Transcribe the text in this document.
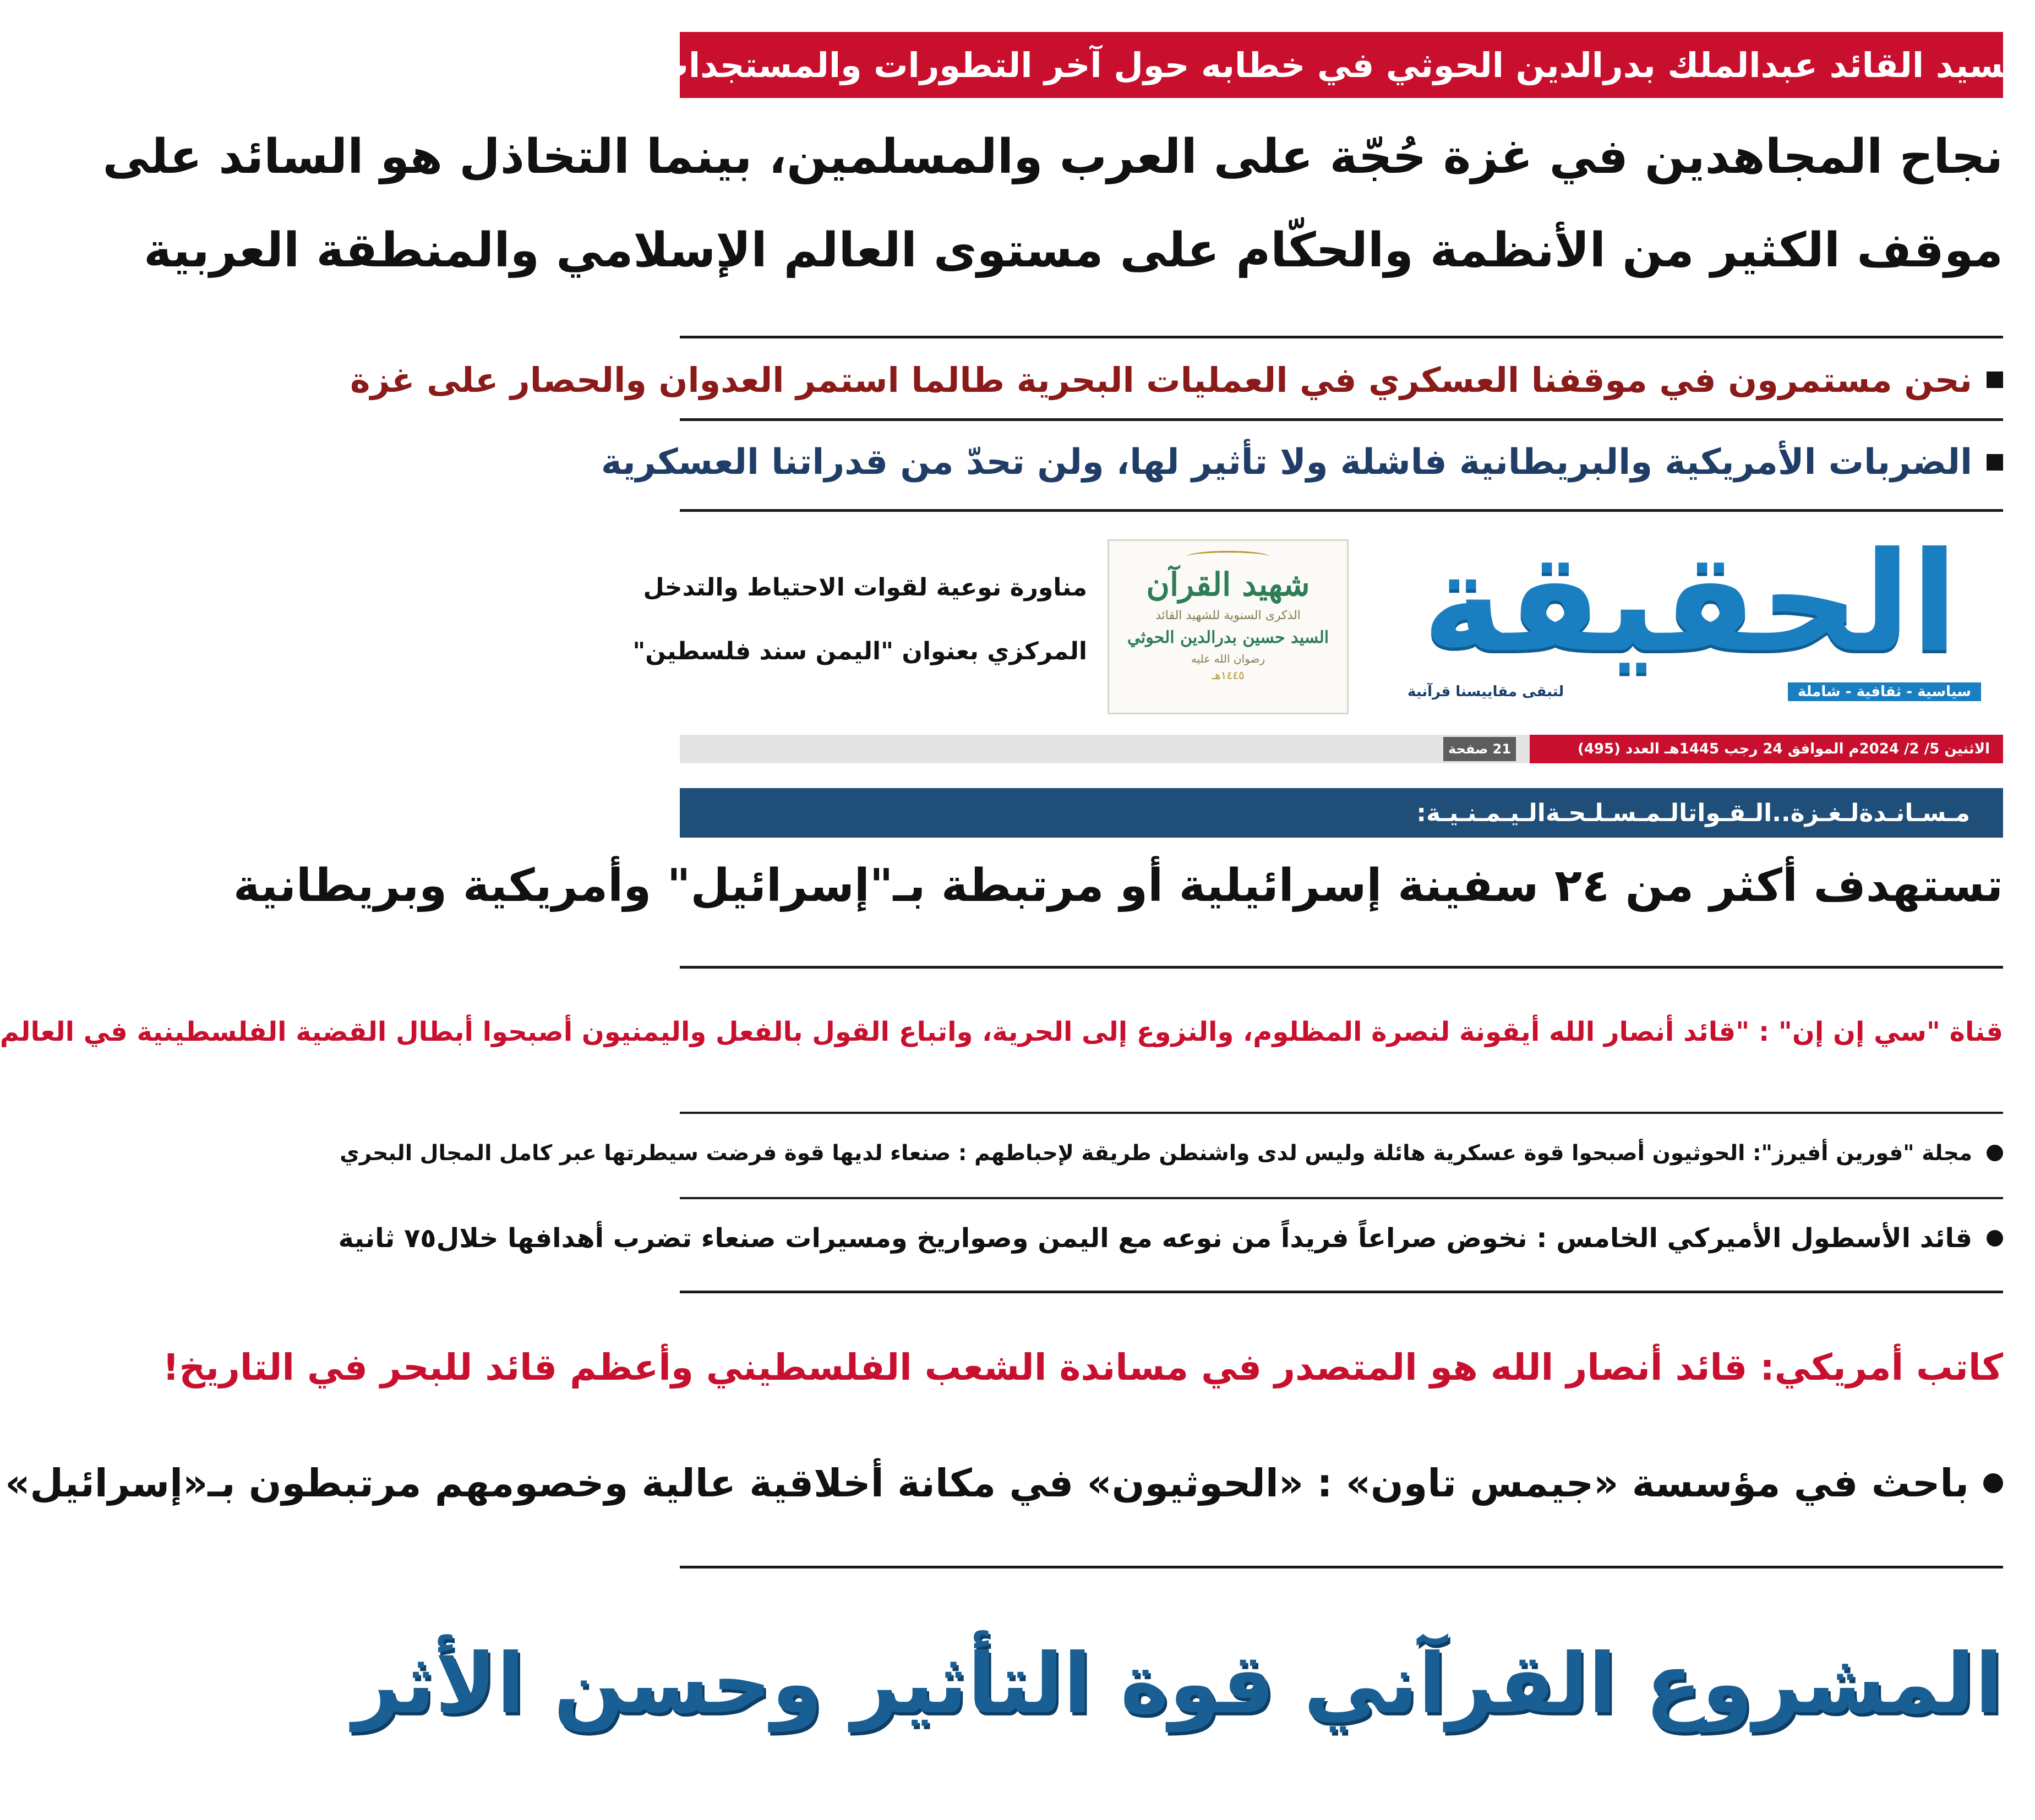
السيد القائد عبدالملك بدرالدين الحوثي في خطابه حول آخر التطورات والمستجدات
نجاح المجاهدين في غزة حُجّة على العرب والمسلمين، بينما التخاذل هو السائد على
موقف الكثير من الأنظمة والحكّام على مستوى العالم الإسلامي والمنطقة العربية
نحن مستمرون في موقفنا العسكري في العمليات البحرية طالما استمر العدوان والحصار على غزة
الضربات الأمريكية والبريطانية فاشلة ولا تأثير لها، ولن تحدّ من قدراتنا العسكرية
الحقيقة
سياسية - ثقافية - شاملة
لتبقى مقاييسنا قرآنية
شهيد القرآن
الذكرى السنوية للشهيد القائد
السيد حسين بدرالدين الحوثي
رضوان الله عليه
١٤٤٥هـ
مناورة نوعية لقوات الاحتياط والتدخل
المركزي بعنوان "اليمن سند فلسطين"
الاثنين 5/ 2/ 2024م الموافق 24 رجب 1445هـ العدد (495)
21 صفحة
مـسـانـدةلـغـزة..الـقـواتالـمـسـلـحـةالـيـمـنـيـة:
تستهدف أكثر من ٢٤ سفينة إسرائيلية أو مرتبطة بـ"إسرائيل" وأمريكية وبريطانية
قناة "سي إن إن" : "قائد أنصار الله أيقونة لنصرة المظلوم، والنزوع إلى الحرية، واتباع القول بالفعل واليمنيون أصبحوا أبطال القضية الفلسطينية في العالم
مجلة "فورين أفيرز": الحوثيون أصبحوا قوة عسكرية هائلة وليس لدى واشنطن طريقة لإحباطهم : صنعاء لديها قوة فرضت سيطرتها عبر كامل المجال البحري
قائد الأسطول الأميركي الخامس : نخوض صراعاً فريداً من نوعه مع اليمن وصواريخ ومسيرات صنعاء تضرب أهدافها خلال٧٥ ثانية
كاتب أمريكي: قائد أنصار الله هو المتصدر في مساندة الشعب الفلسطيني وأعظم قائد للبحر في التاريخ!
باحث في مؤسسة «جيمس تاون» : «الحوثيون» في مكانة أخلاقية عالية وخصومهم مرتبطون بـ«إسرائيل»
المشروع القرآني قوة التأثير وحسن الأثر
